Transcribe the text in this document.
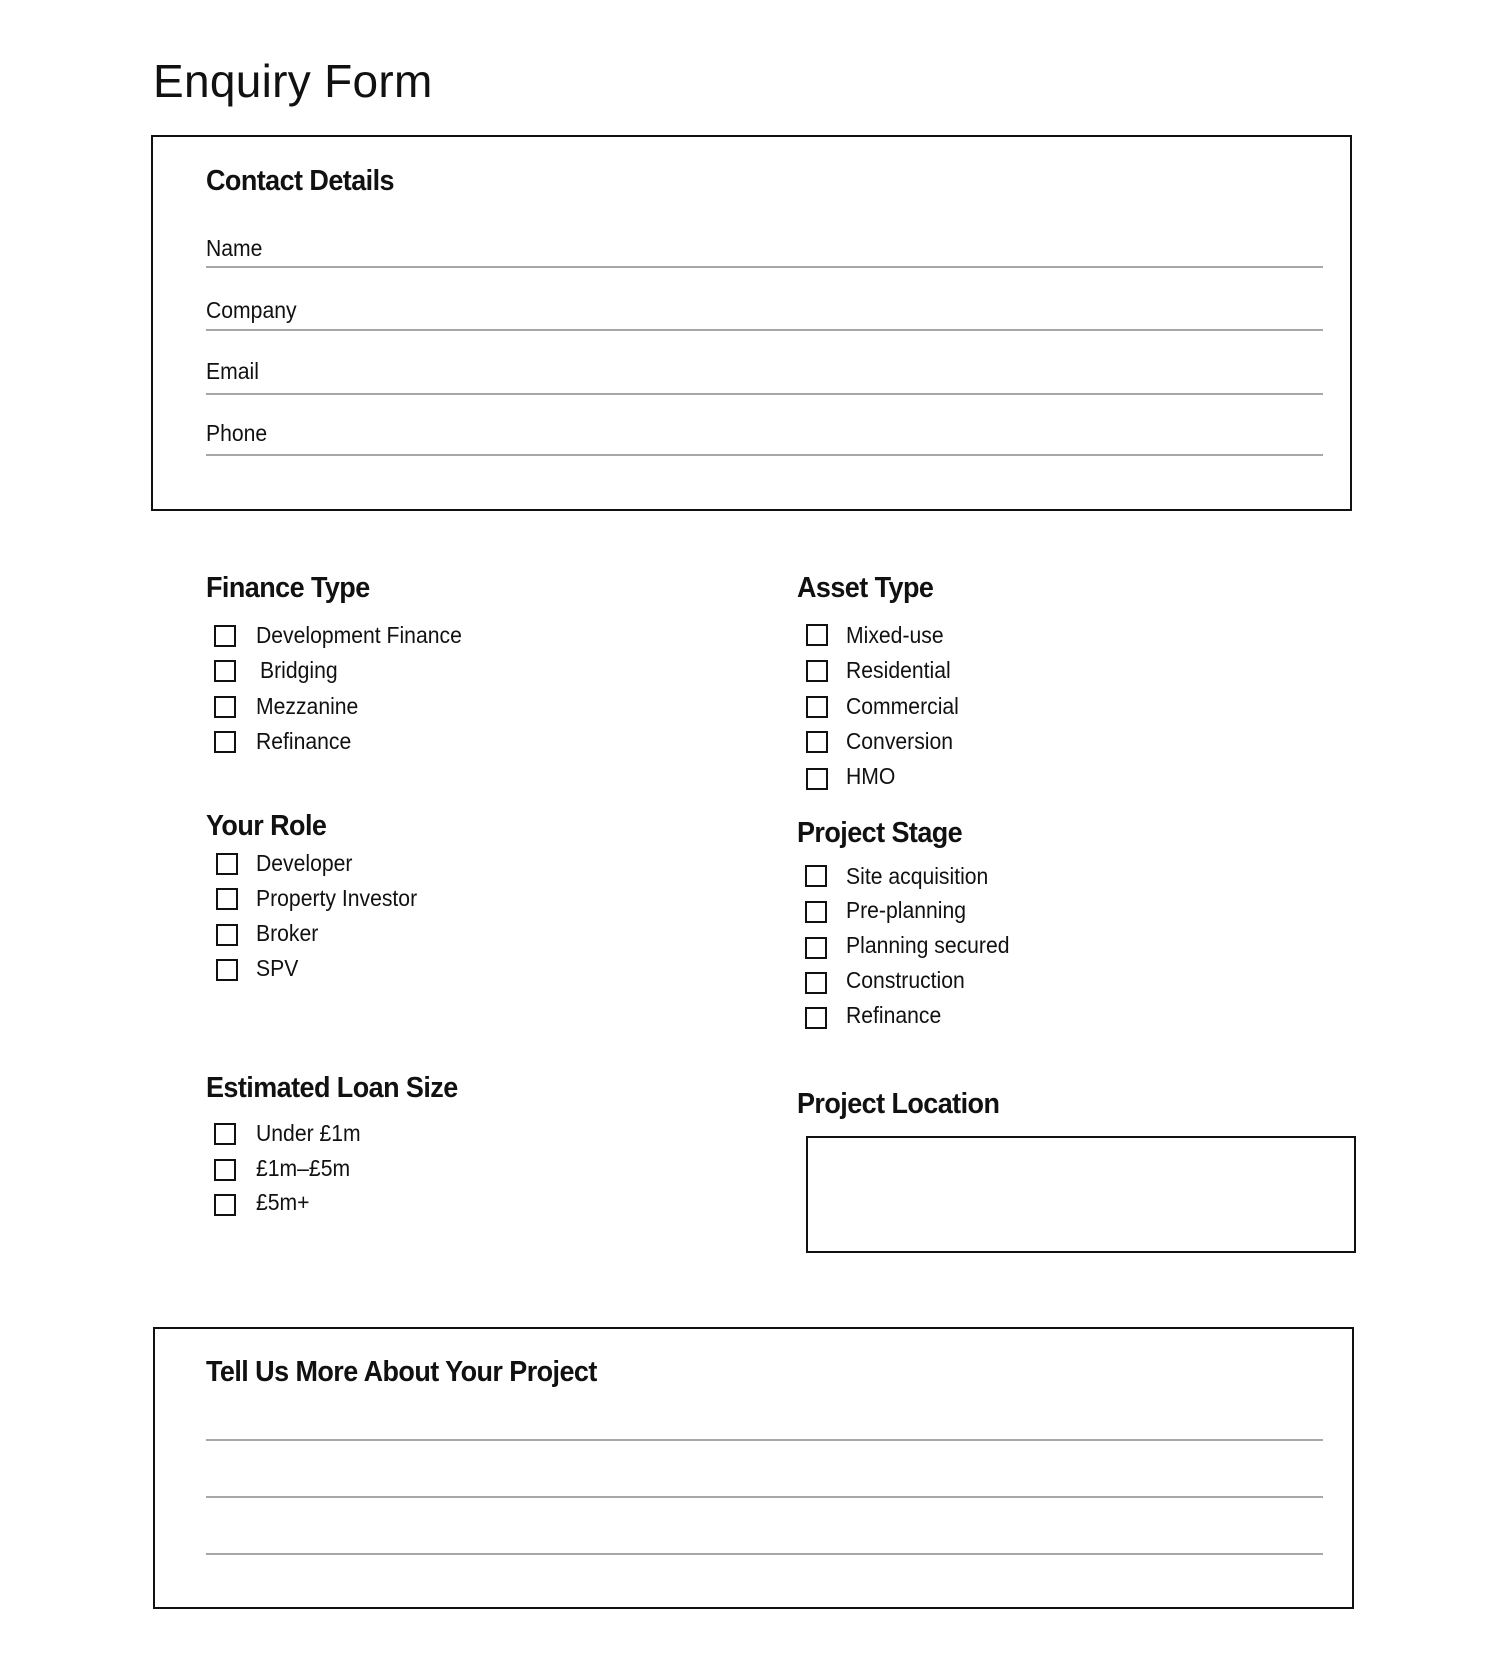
Enquiry Form
Contact Details
Name
Company
Email
Phone
Finance Type
Development Finance
Bridging
Mezzanine
Refinance
Asset Type
Mixed-use
Residential
Commercial
Conversion
HMO
Your Role
Developer
Property Investor
Broker
SPV
Project Stage
Site acquisition
Pre-planning
Planning secured
Construction
Refinance
Estimated Loan Size
Under £1m
£1m–£5m
£5m+
Project Location
Tell Us More About Your Project
